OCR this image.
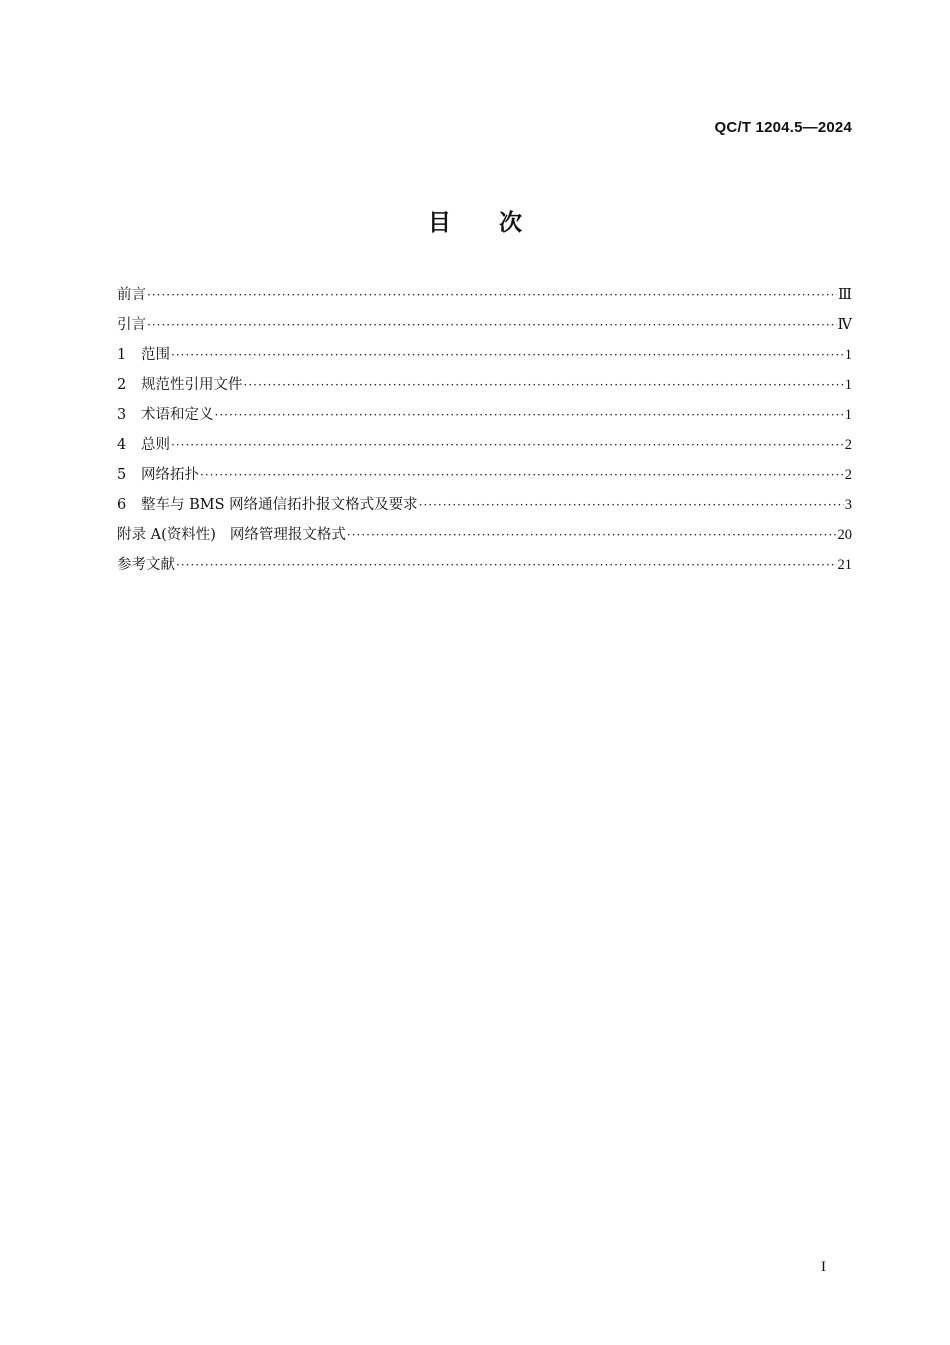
QC/T 1204.5—2024
目次
前言 ·····	Ⅲ
引言 ·····	Ⅳ
1	范围 ·····	1
2	规范性引用文件 ·····	1
3	术语和定义 ·····	1
4	总则 ·····	2
5	网络拓扑 ·····	2
6	整车与 BMS 网络通信拓扑报文格式及要求 ·····	3
附录 A(资料性) 网络管理报文格式 ·····	20
参考文献 ·····	21
I
